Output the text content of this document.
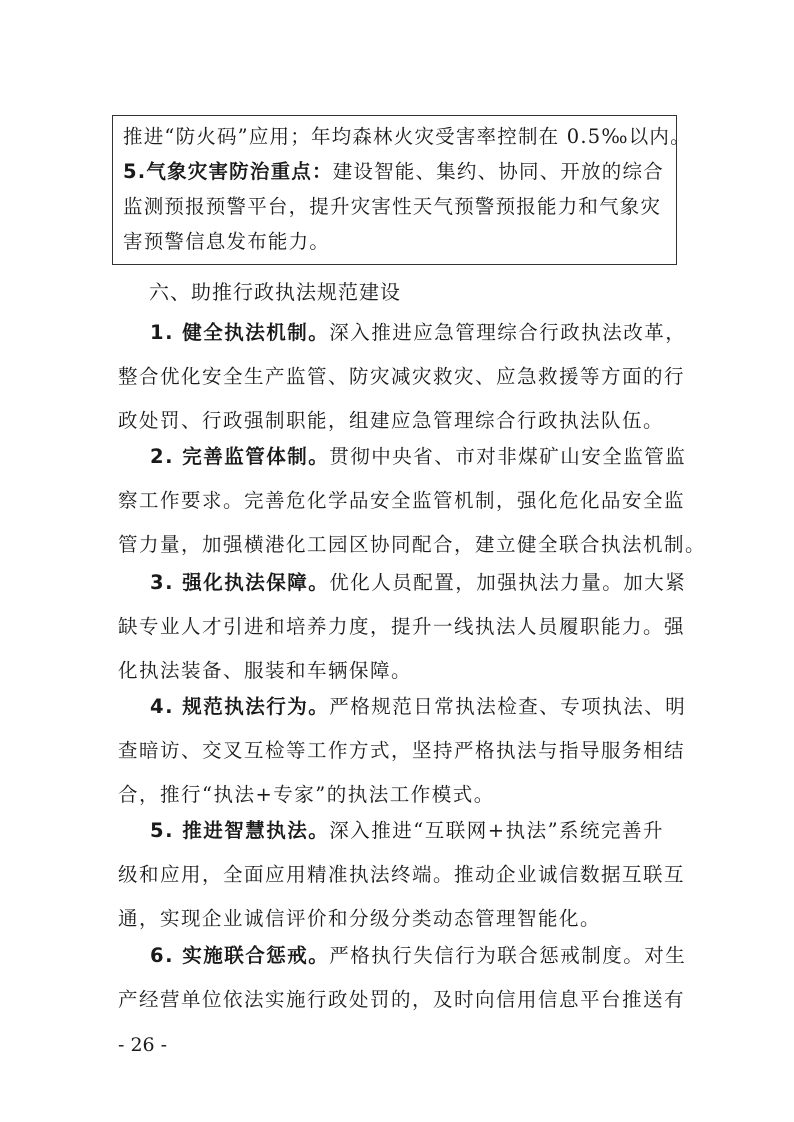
推进“防火码”应用；年均森林火灾受害率控制在 0.5‰以内。

5.气象灾害防治重点：建设智能、集约、协同、开放的综合

监测预报预警平台，提升灾害性天气预警预报能力和气象灾

害预警信息发布能力。

六、助推行政执法规范建设

1. 健全执法机制。深入推进应急管理综合行政执法改革，
整合优化安全生产监管、防灾减灾救灾、应急救援等方面的行
政处罚、行政强制职能，组建应急管理综合行政执法队伍。
2. 完善监管体制。贯彻中央省、市对非煤矿山安全监管监
察工作要求。完善危化学品安全监管机制，强化危化品安全监
管力量，加强横港化工园区协同配合，建立健全联合执法机制。
3. 强化执法保障。优化人员配置，加强执法力量。加大紧
缺专业人才引进和培养力度，提升一线执法人员履职能力。强
化执法装备、服装和车辆保障。
4. 规范执法行为。严格规范日常执法检查、专项执法、明
查暗访、交叉互检等工作方式，坚持严格执法与指导服务相结
合，推行“执法+专家”的执法工作模式。
5. 推进智慧执法。深入推进“互联网+执法”系统完善升
级和应用，全面应用精准执法终端。推动企业诚信数据互联互
通，实现企业诚信评价和分级分类动态管理智能化。
6. 实施联合惩戒。严格执行失信行为联合惩戒制度。对生
产经营单位依法实施行政处罚的，及时向信用信息平台推送有

- 26 -
